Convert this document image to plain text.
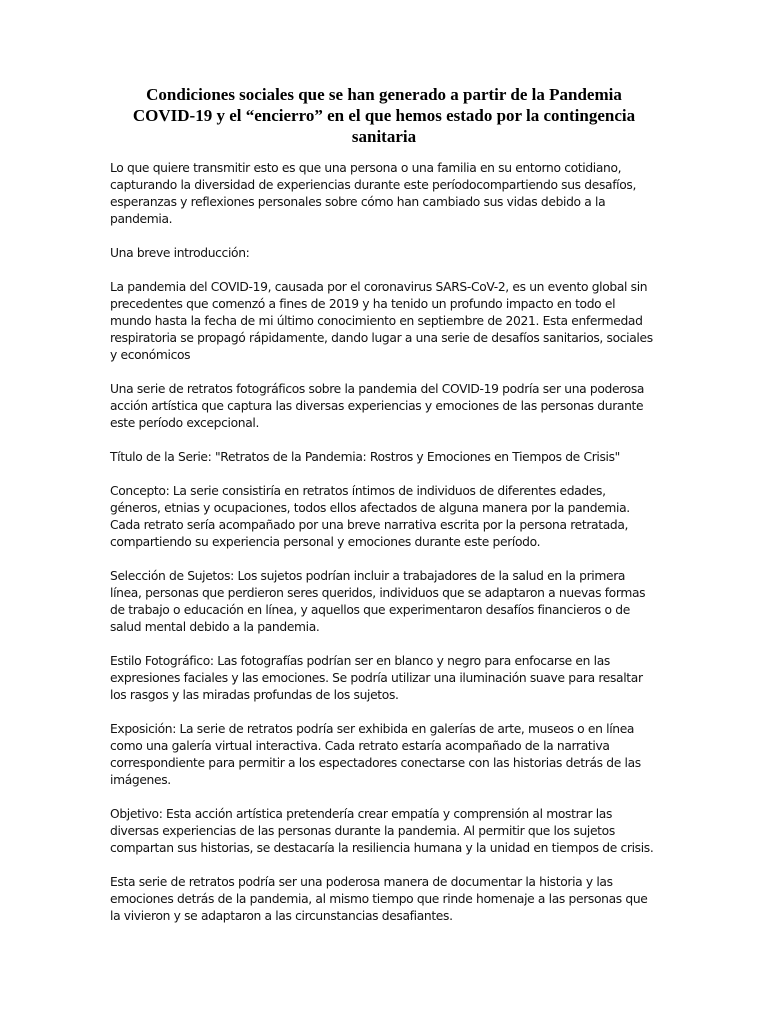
Condiciones sociales que se han generado a partir de la Pandemia COVID-19 y el “encierro” en el que hemos estado por la contingencia sanitaria

Lo que quiere transmitir esto es que una persona o una familia en su entorno cotidiano, capturando la diversidad de experiencias durante este períodocompartiendo sus desafíos, esperanzas y reflexiones personales sobre cómo han cambiado sus vidas debido a la pandemia.

Una breve introducción:

La pandemia del COVID-19, causada por el coronavirus SARS-CoV-2, es un evento global sin precedentes que comenzó a fines de 2019 y ha tenido un profundo impacto en todo el mundo hasta la fecha de mi último conocimiento en septiembre de 2021. Esta enfermedad respiratoria se propagó rápidamente, dando lugar a una serie de desafíos sanitarios, sociales y económicos

Una serie de retratos fotográficos sobre la pandemia del COVID-19 podría ser una poderosa acción artística que captura las diversas experiencias y emociones de las personas durante este período excepcional.

Título de la Serie: "Retratos de la Pandemia: Rostros y Emociones en Tiempos de Crisis"

Concepto: La serie consistiría en retratos íntimos de individuos de diferentes edades, géneros, etnias y ocupaciones, todos ellos afectados de alguna manera por la pandemia. Cada retrato sería acompañado por una breve narrativa escrita por la persona retratada, compartiendo su experiencia personal y emociones durante este período.

Selección de Sujetos: Los sujetos podrían incluir a trabajadores de la salud en la primera línea, personas que perdieron seres queridos, individuos que se adaptaron a nuevas formas de trabajo o educación en línea, y aquellos que experimentaron desafíos financieros o de salud mental debido a la pandemia.

Estilo Fotográfico: Las fotografías podrían ser en blanco y negro para enfocarse en las expresiones faciales y las emociones. Se podría utilizar una iluminación suave para resaltar los rasgos y las miradas profundas de los sujetos.

Exposición: La serie de retratos podría ser exhibida en galerías de arte, museos o en línea como una galería virtual interactiva. Cada retrato estaría acompañado de la narrativa correspondiente para permitir a los espectadores conectarse con las historias detrás de las imágenes.

Objetivo: Esta acción artística pretendería crear empatía y comprensión al mostrar las diversas experiencias de las personas durante la pandemia. Al permitir que los sujetos compartan sus historias, se destacaría la resiliencia humana y la unidad en tiempos de crisis.

Esta serie de retratos podría ser una poderosa manera de documentar la historia y las emociones detrás de la pandemia, al mismo tiempo que rinde homenaje a las personas que la vivieron y se adaptaron a las circunstancias desafiantes.
